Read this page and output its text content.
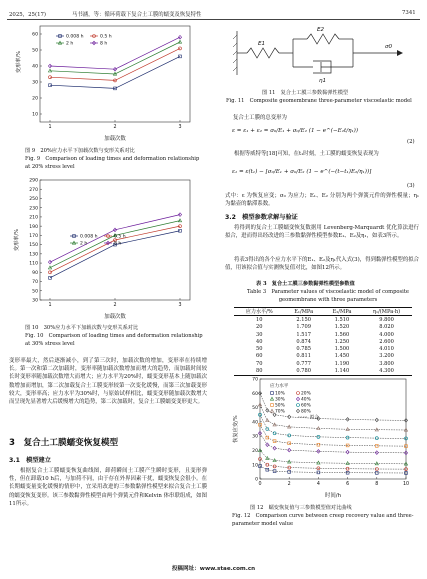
2025，25(17)	马书涵，等：循环荷载下复合土工膜的蠕变及恢复特性	7341
10
20
30
40
50
60
1	2	3
变形率/%
加载次数
0.008 h	0.5 h
2 h	8 h
图 9　20%应力水平下加载次数与变形关系对比
Fig. 9　Comparison of loading times and deformation relationship at 20% stress level
30
50
70
90
110
130
150
170
190
210
230
250
270
290
1	2	3
变形率/%
加载次数
0.008 h	0.5 h
2 h	8 h
图 10　30%应力水平下加载次数与变形关系对比
Fig. 10　Comparison of loading times and deformation relationship at 30% stress level
变形率最大，然后逐渐减小，到了第三次时，加载次数的增加，变形率在持续增长。第一次和第二次加载时，变形率随加载次数增加而增大的趋势，而加载时间较长时变形率随加载次数增大而增大；应力水平为20%时，蠕变变形基本上随加载次数增加而增加，第二次加载复合土工膜变形较第一次变化缓慢，而第三次加载变形较大，变形率高；应力水平为30%时，与原始试样相比，蠕变变形随加载次数增大而呈现先显著增大后缓慢增大的趋势，第二次加载时，复合土工膜蠕变变形更大。
3　复合土工膜蠕变恢复模型
3.1　模型建立
根据复合土工膜蠕变恢复曲线图，卸荷瞬间土工膜产生瞬时变形，且变形弹性，但在卸载10 h后，与加荷不同，由于存在外界因素干扰，蠕变恢复会很小。在长期蠕变量变化缓慢的情形中，宜采用改进的三参数黏弹性模型来拟合复合土工膜的蠕变恢复变形。该三参数黏弹性模型由两个弹簧元件和Kelvin 体串联组成，如图11所示。
E1
E2
η1
σ0
图 11　复合土工膜三参数黏弹性模型
Fig. 11　Composite geomembrane three-parameter viscoelastic model
复合土工膜的总变形为
ε = ε₁ + ε₂ = σ₀/E₁ + σ₀/E₂ (1 − e^(−E₂t/η₁))
(2)
根据等威特等[18]可知，在t₁时刻，土工膜的蠕变恢复表现为
ε₁ = ε(t₁) − [σ₀/E₁ + σ₀/E₂ (1 − e^(−(t−t₁)E₂/η₁))]
(3)
式中：ε 为恢复应变；σ₀ 为应力；E₁、E₂ 分别为两个弹簧元件的弹性模量；η₁ 为黏壶的黏滞系数。
3.2　模型参数求解与验证
将得到的复合土工膜蠕变恢复数据用 Levenberg-Marquardt 优化算法进行拟合，进而得出经改进的三参数黏弹性模型参数E₁、E₂及η₁，如表3所示。
将表3得出的各个应力水平下的E₁、E₂及η₁代入式(3)，得到黏弹性模型的拟合值，用该拟合值与实测恢复值对比，如图12所示。
表 3　复合土工膜三参数黏弹性模型参数值
Table 3　Parameter values of viscoelastic model of composite geomembrane with three parameters
应力水平/%	E₁/MPa	E₂/MPa	η₁/(MPa·h)
10	2.150	1.510	9.800
20	1.709	1.520	8.020
30	1.517	1.560	4.000
40	0.874	1.250	2.600
50	0.785	1.500	4.010
60	0.811	1.450	3.200
70	0.777	1.190	3.800
80	0.780	1.140	4.300
0
10
20
30
40
50
60
70
0	2	4	6	8	10
恢复应变/%
时间/h
应力水平
10%	20%
30%	40%
50%	60%
70%	80%
拟合
图 12　蠕变恢复值与三参数模型值对比曲线
Fig. 12　Comparison curve between creep recovery value and three-parameter model value
投稿网址：www.stae.com.cn
